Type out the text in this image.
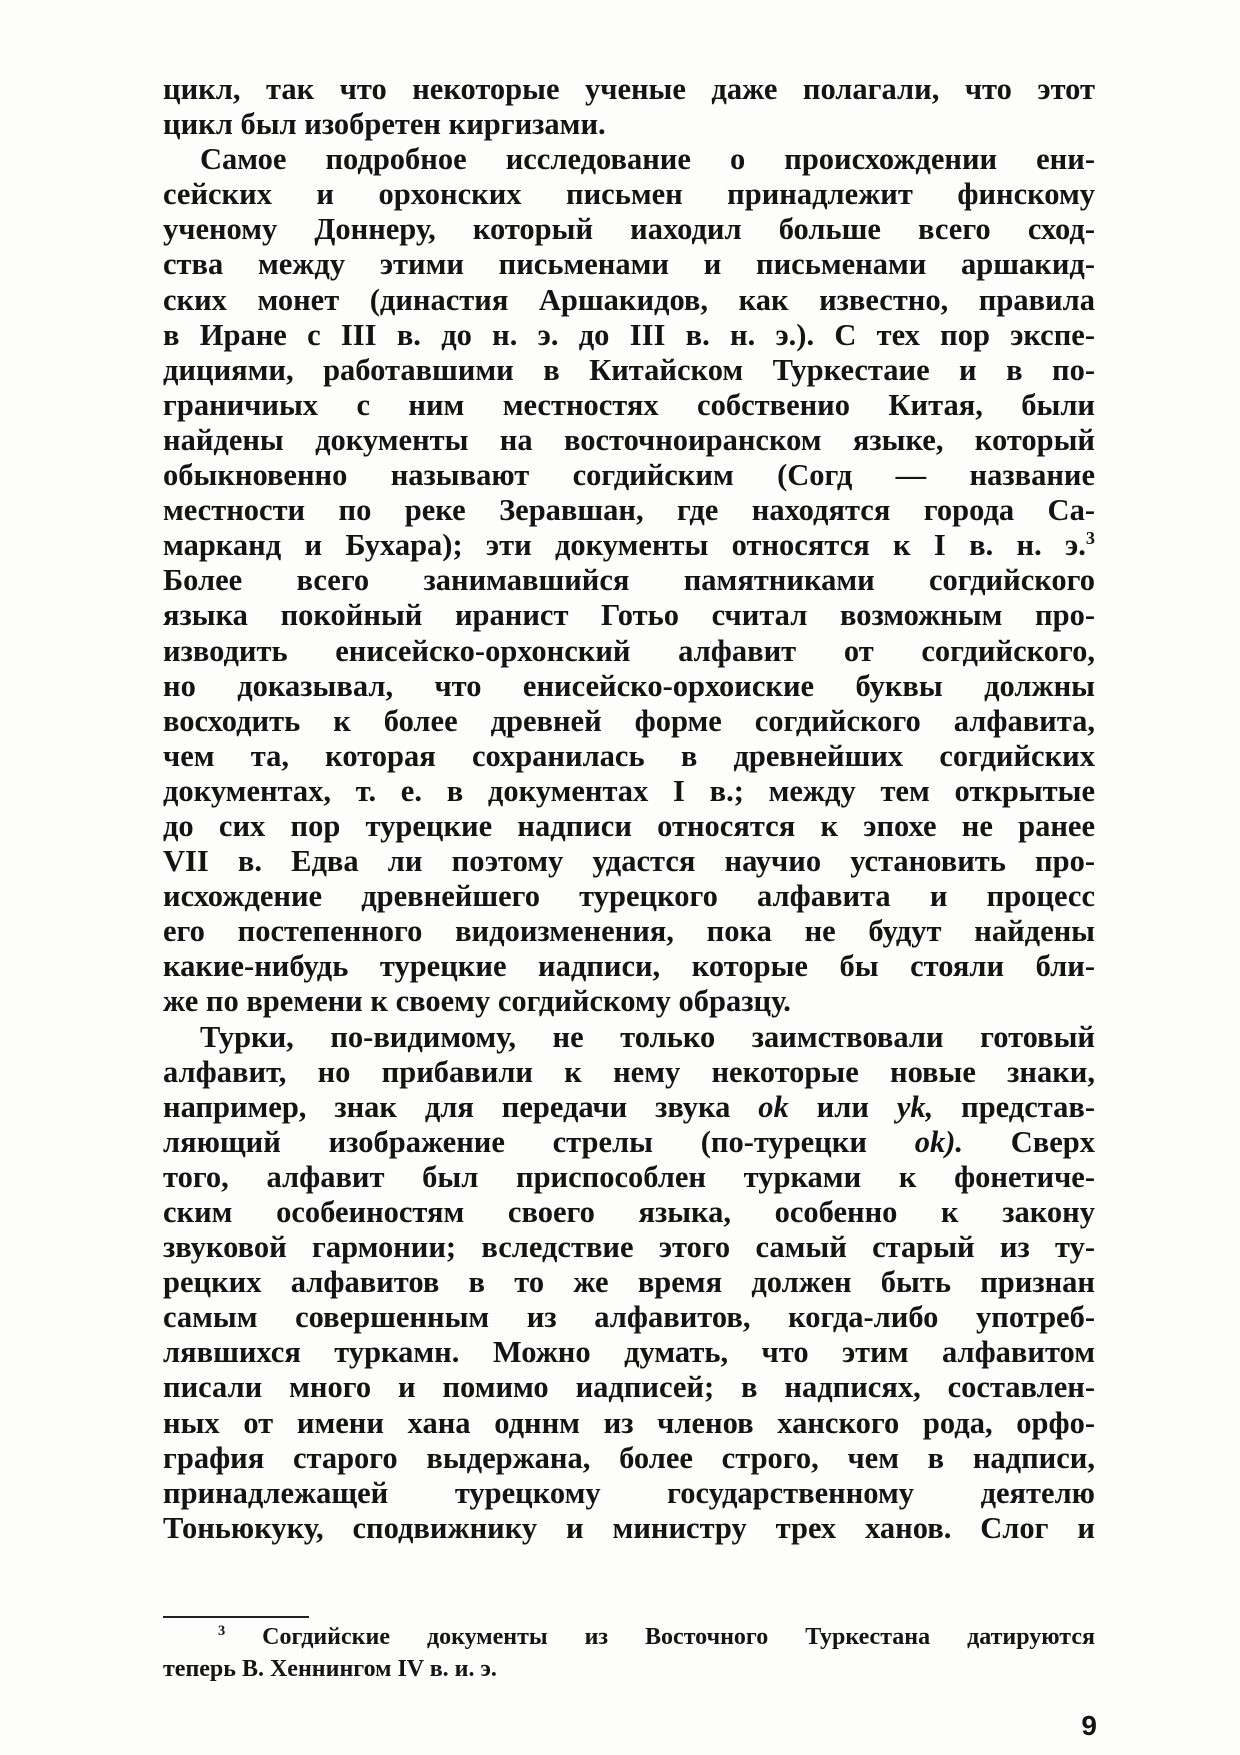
цикл, так что некоторые ученые даже полагали, что этот
цикл был изобретен киргизами.
Самое подробное исследование о происхождении ени-
сейских и орхонских письмен принадлежит финскому
ученому Доннеру, который иаходил больше всего сход-
ства между этими письменами и письменами аршакид-
ских монет (династия Аршакидов, как известно, правила
в Иране с III в. до н. э. до III в. н. э.). С тех пор экспе-
дициями, работавшими в Китайском Туркестаие и в по-
граничиых с ним местностях собственио Китая, были
найдены документы на восточноиранском языке, который
обыкновенно называют согдийским (Согд — название
местности по реке Зеравшан, где находятся города Са-
марканд и Бухара); эти документы относятся к I в. н. э.$^3$
Более всего занимавшийся памятниками согдийского
языка покойный иранист Готьо считал возможным про-
изводить енисейско-орхонский алфавит от согдийского,
но доказывал, что енисейско-орхоиские буквы должны
восходить к более древней форме согдийского алфавита,
чем та, которая сохранилась в древнейших согдийских
документах, т. е. в документах I в.; между тем открытые
до сих пор турецкие надписи относятся к эпохе не ранее
VII в. Едва ли поэтому удастся научио установить про-
исхождение древнейшего турецкого алфавита и процесс
его постепенного видоизменения, пока не будут найдены
какие-нибудь турецкие иадписи, которые бы стояли бли-
же по времени к своему согдийскому образцу.
Турки, по-видимому, не только заимствовали готовый
алфавит, но прибавили к нему некоторые новые знаки,
например, знак для передачи звука ok или yk, представ-
ляющий изображение стрелы (по-турецки ok). Сверх
того, алфавит был приспособлен турками к фонетиче-
ским особеиностям своего языка, особенно к закону
звуковой гармонии; вследствие этого самый старый из ту-
рецких алфавитов в то же время должен быть признан
самым совершенным из алфавитов, когда-либо употреб-
лявшихся туркамн. Можно думать, что этим алфавитом
писали много и помимо иадписей; в надписях, составлен-
ных от имени хана одннм из членов ханского рода, орфо-
графия старого выдержана, более строго, чем в надписи,
принадлежащей турецкому государственному деятелю
Тоньюкуку, сподвижнику и министру трех ханов. Слог и
$^3$ Согдийские документы из Восточного Туркестана датируются
теперь В. Хеннингом IV в. и. э.
9
